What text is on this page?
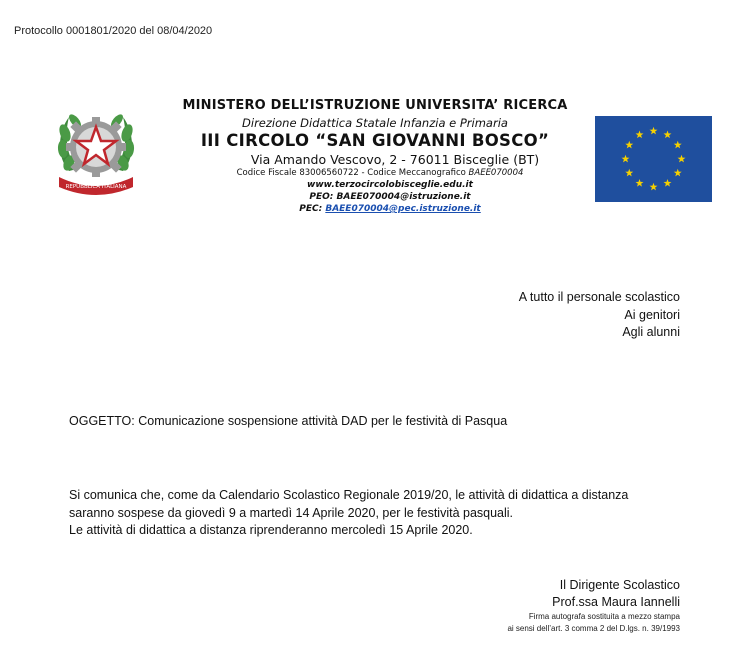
Protocollo 0001801/2020 del 08/04/2020
REPUBBLICA ITALIANA
MINISTERO DELL’ISTRUZIONE UNIVERSITA’ RICERCA
Direzione Didattica Statale Infanzia e Primaria
III CIRCOLO “SAN GIOVANNI BOSCO”
Via Amando Vescovo, 2 - 76011 Bisceglie (BT)
Codice Fiscale 83006560722 - Codice Meccanografico BAEE070004
www.terzocircolobisceglie.edu.it
PEO: BAEE070004@istruzione.it
PEC: BAEE070004@pec.istruzione.it
A tutto il personale scolastico
Ai genitori
Agli alunni
OGGETTO: Comunicazione sospensione attività DAD per le festività di Pasqua
Si comunica che, come da Calendario Scolastico Regionale 2019/20, le attività di didattica a distanza
saranno sospese da giovedì 9 a martedì 14 Aprile 2020, per le festività pasquali.
Le attività di didattica a distanza riprenderanno mercoledì 15 Aprile 2020.
Il Dirigente Scolastico
Prof.ssa Maura Iannelli
Firma autografa sostituita a mezzo stampa
ai sensi dell’art. 3 comma 2 del D.lgs. n. 39/1993
